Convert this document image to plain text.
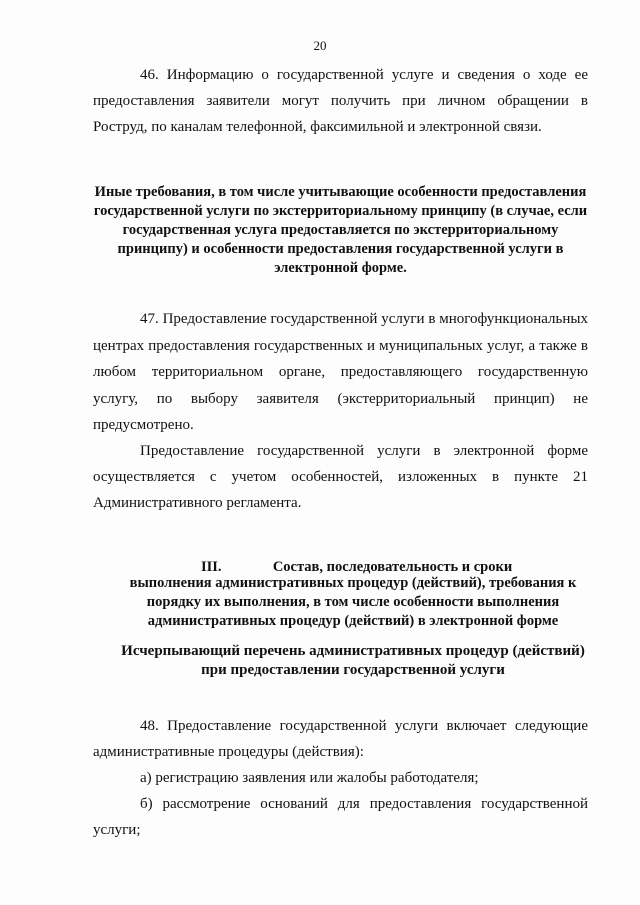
20
46. Информацию о государственной услуге и сведения о ходе ее предоставления заявители могут получить при личном обращении в Роструд, по каналам телефонной, факсимильной и электронной связи.
Иные требования, в том числе учитывающие особенности предоставления государственной услуги по экстерриториальному принципу (в случае, если государственная услуга предоставляется по экстерриториальному принципу) и особенности предоставления государственной услуги в электронной форме.
47. Предоставление государственной услуги в многофункциональных центрах предоставления государственных и муниципальных услуг, а также в любом территориальном органе, предоставляющего государственную услугу, по выбору заявителя (экстерриториальный принцип) не предусмотрено.
Предоставление государственной услуги в электронной форме осуществляется с учетом особенностей, изложенных в пункте 21 Административного регламента.
III.	Состав, последовательность и сроки
выполнения административных процедур (действий), требования к порядку их выполнения, в том числе особенности выполнения административных процедур (действий) в электронной форме
Исчерпывающий перечень административных процедур (действий) при предоставлении государственной услуги
48. Предоставление государственной услуги включает следующие административные процедуры (действия):
а) регистрацию заявления или жалобы работодателя;
б) рассмотрение оснований для предоставления государственной услуги;
